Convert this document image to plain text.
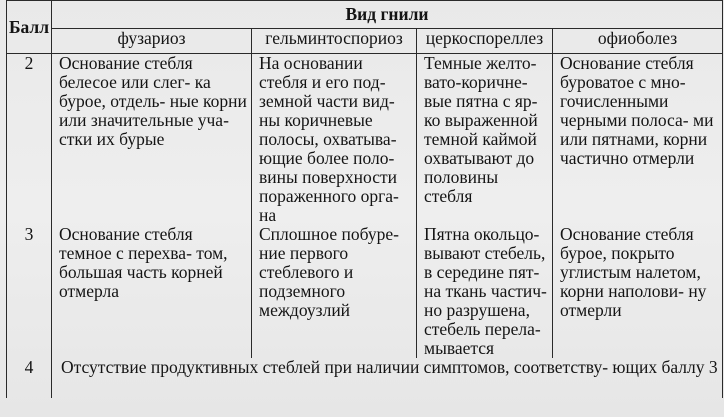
Балл	Вид гнили			
	фузариоз	гельминтоспориоз	церкоспореллез	офиоболез
2	Основание стебля белесое или слег- ка бурое, отдель- ные корни или значительные уча- стки их бурые	На основании стебля и его под- земной части вид- ны коричневые полосы, охватыва- ющие более поло- вины поверхности пораженного орга- на	Темные желто- вато-коричне- вые пятна с яр- ко выраженной темной каймой охватывают до половины стебля	Основание стебля буроватое с мно- гочисленными черными полоса- ми или пятнами, корни частично отмерли

3	Основание стебля темное с перехва- том, большая часть корней отмерла	Сплошное побуре- ние первого стеблевого и подземного междоузлий	Пятна окольцо- вывают стебель, в середине пят- на ткань частич- но разрушена, стебель перела- мывается	Основание стебля бурое, покрыто углистым налетом, корни наполови- ну отмерли

4	Отсутствие продуктивных стеблей при наличии симптомов, соответству- ющих баллу 3			
